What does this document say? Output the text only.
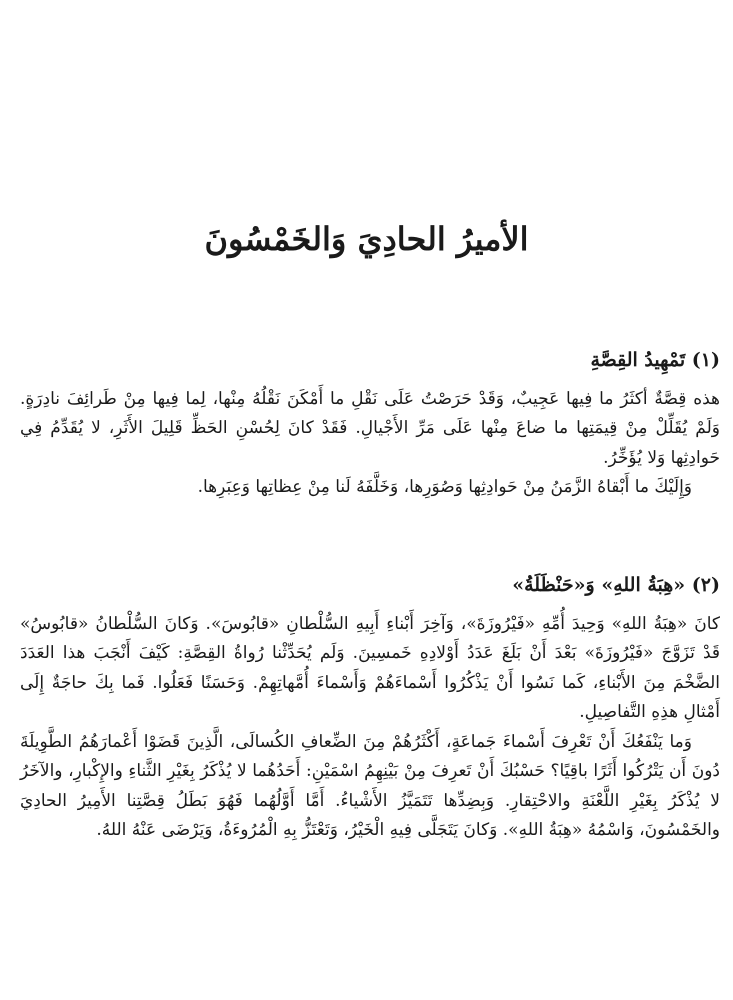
الأميرُ الحادِيَ وَالخَمْسُونَ
(١) تَمْهِيدُ القِصَّةِ

هذه قِصَّةٌ أكثَرُ ما فِيها عَجِيبٌ، وَقَدْ حَرَصْتُ عَلَى نَقْلِ ما أَمْكَنَ نَقْلُهُ مِنْها، لِما فِيها مِنْ طَرائِفَ نادِرَةٍ. وَلَمْ يُقَلِّلْ مِنْ قِيمَتِها ما ضاعَ مِنْها عَلَى مَرِّ الأَجْيالِ. فَقَدْ كانَ لِحُسْنِ الحَظِّ قَلِيلَ الأَثَرِ، لا يُقَدِّمُ فِي حَوادِثِها وَلا يُؤَخِّرُ.

وَإِلَيْكَ ما أَبْقاهُ الزَّمَنُ مِنْ حَوادِثِها وَصُوَرِها، وَخَلَّفَهُ لَنا مِنْ عِظاتِها وَعِبَرِها.

(٢) «هِبَةُ اللهِ» وَ«حَنْظَلَةُ»

كانَ «هِبَةُ اللهِ» وَحِيدَ أُمِّهِ «فَيْرُوزَةَ»، وَآخِرَ أَبْناءِ أَبِيهِ السُّلْطانِ «قابُوسَ». وَكانَ السُّلْطانُ «قابُوسُ» قَدْ تَزَوَّجَ «فَيْرُوزَةَ» بَعْدَ أَنْ بَلَغَ عَدَدُ أَوْلادِهِ خَمسِينَ. وَلَم يُحَدِّثْنا رُواةُ القِصَّةِ: كَيْفَ أَنْجَبَ هذا العَدَدَ الضَّخْمَ مِنَ الأَبْناءِ، كَما نَسُوا أَنْ يَذْكُرُوا أَسْماءَهُمْ وَأَسْماءَ أُمَّهاتِهِمْ. وَحَسَنًا فَعَلُوا. فَما بِكَ حاجَةٌ إِلَى أَمْثالِ هذِهِ التَّفاصِيلِ.

وَما يَنْفَعُكَ أَنْ تَعْرِفَ أَسْماءَ جَماعَةٍ، أَكْثَرُهُمْ مِنَ الضِّعافِ الكُسالَى، الَّذِينَ قَضَوْا أَعْمارَهُمُ الطَّوِيلَةَ دُونَ أَن يَتْرُكُوا أَثَرًا باقِيًا؟ حَسْبُكَ أَنْ تَعرِفَ مِنْ بَيْنِهِمُ اسْمَيْنِ: أَحَدُهُما لا يُذْكَرُ بِغَيْرِ الثَّناءِ والإِكْبارِ، والآخَرُ لا يُذْكَرُ بِغَيْرِ اللَّعْنَةِ والاحْتِقارِ. وَبِضِدِّها تَتَمَيَّزُ الأَشْياءُ. أَمَّا أَوَّلُهُما فَهُوَ بَطَلُ قِصَّتِنا الأَمِيرُ الحادِيَ والخَمْسُونَ، وَاسْمُهُ «هِبَةُ اللهِ». وَكانَ يَتَجَلَّى فِيهِ الْخَيْرُ، وَتَعْتَزُّ بِهِ الْمُرُوءَةُ، وَيَرْضَى عَنْهُ اللهُ.
